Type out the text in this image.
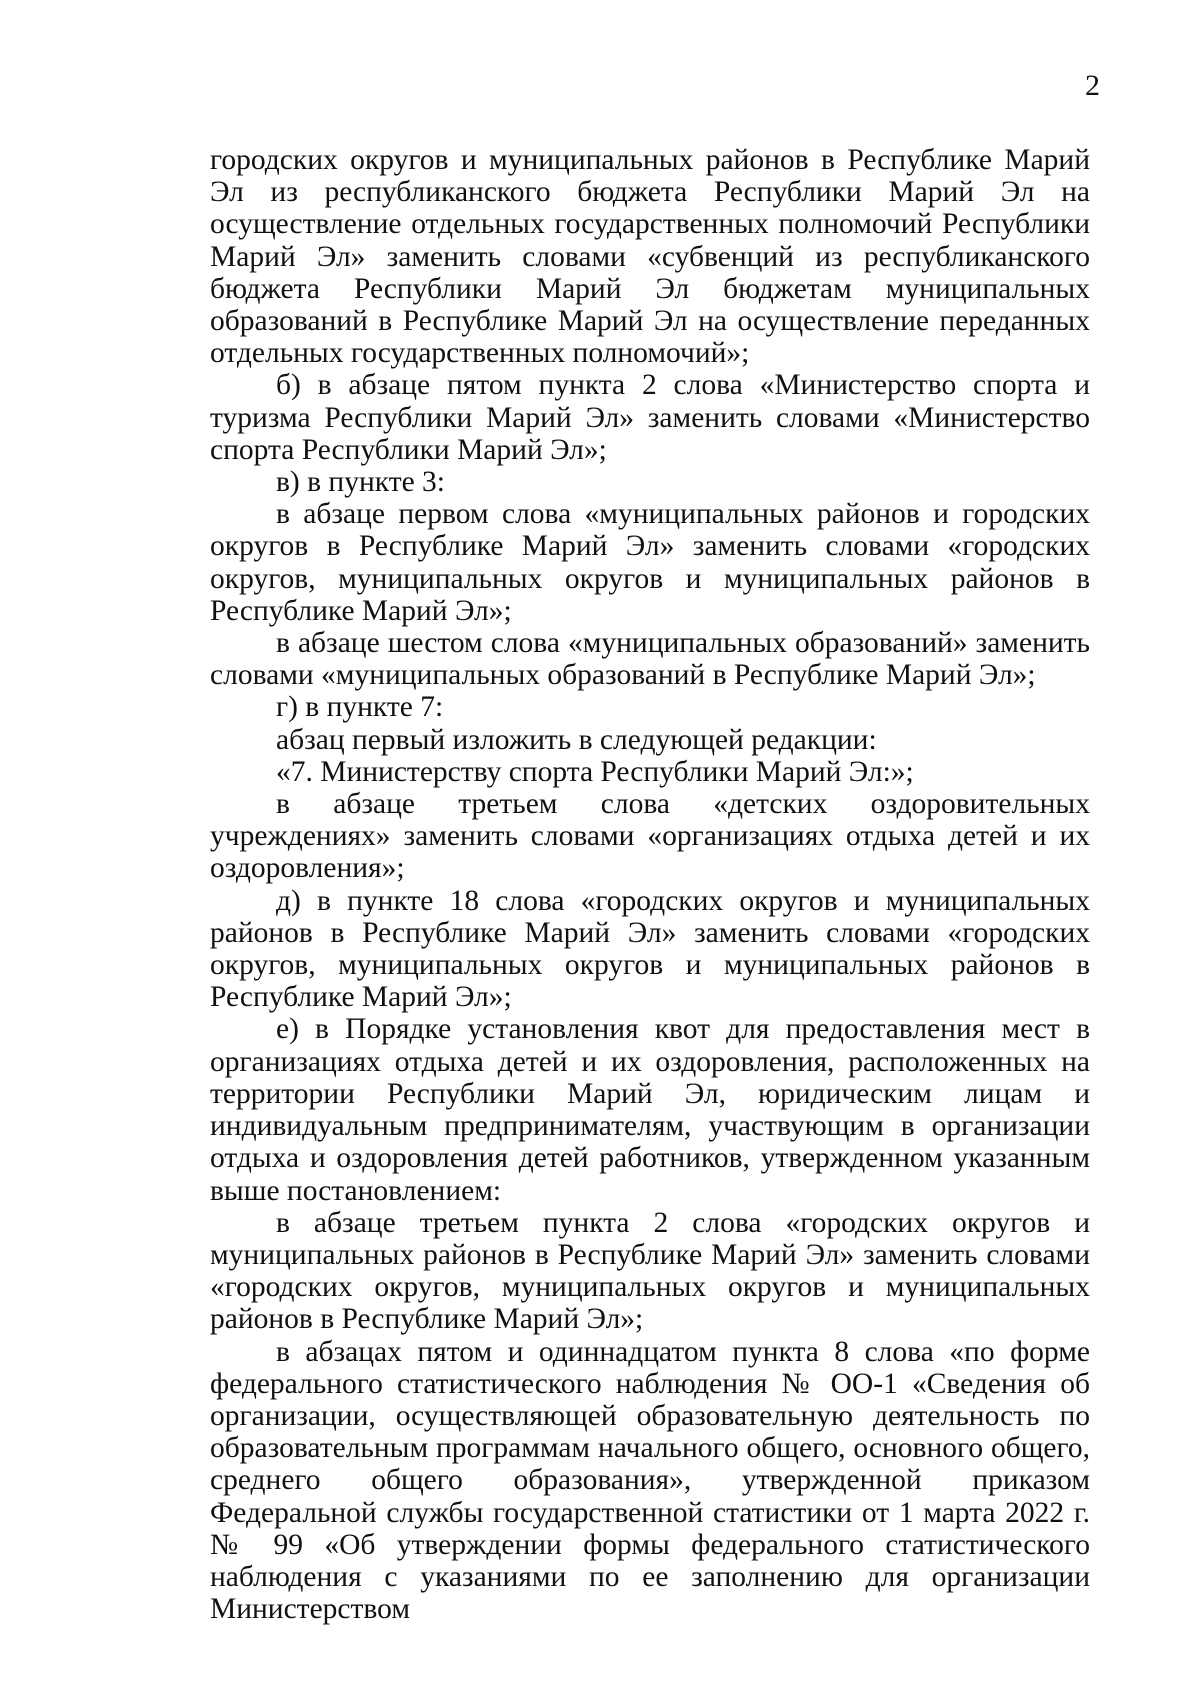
2

городских округов и муниципальных районов в Республике Марий Эл из республиканского бюджета Республики Марий Эл на осуществление отдельных государственных полномочий Республики Марий Эл» заменить словами «субвенций из республиканского бюджета Республики Марий Эл бюджетам муниципальных образований в Республике Марий Эл на осуществление переданных отдельных государственных полномочий»;

б) в абзаце пятом пункта 2 слова «Министерство спорта и туризма Республики Марий Эл» заменить словами «Министерство спорта Республики Марий Эл»;

в) в пункте 3:

в абзаце первом слова «муниципальных районов и городских округов в Республике Марий Эл» заменить словами «городских округов, муниципальных округов и муниципальных районов в Республике Марий Эл»;

в абзаце шестом слова «муниципальных образований» заменить словами «муниципальных образований в Республике Марий Эл»;

г) в пункте 7:

абзац первый изложить в следующей редакции:

«7. Министерству спорта Республики Марий Эл:»;

в абзаце третьем слова «детских оздоровительных учреждениях» заменить словами «организациях отдыха детей и их оздоровления»;

д) в пункте 18 слова «городских округов и муниципальных районов в Республике Марий Эл» заменить словами «городских округов, муниципальных округов и муниципальных районов в Республике Марий Эл»;

е) в Порядке установления квот для предоставления мест в организациях отдыха детей и их оздоровления, расположенных на территории Республики Марий Эл, юридическим лицам и индивидуальным предпринимателям, участвующим в организации отдыха и оздоровления детей работников, утвержденном указанным выше постановлением:

в абзаце третьем пункта 2 слова «городских округов и муниципальных районов в Республике Марий Эл» заменить словами «городских округов, муниципальных округов и муниципальных районов в Республике Марий Эл»;

в абзацах пятом и одиннадцатом пункта 8 слова «по форме федерального статистического наблюдения № ОО-1 «Сведения об организации, осуществляющей образовательную деятельность по образовательным программам начального общего, основного общего, среднего общего образования», утвержденной приказом Федеральной службы государственной статистики от 1 марта 2022 г. № 99 «Об утверждении формы федерального статистического наблюдения с указаниями по ее заполнению для организации Министерством
